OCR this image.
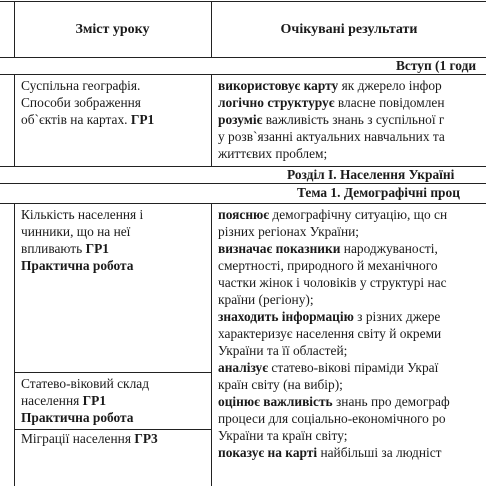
Зміст уроку	Очікувані результати
Вступ (1 годи
Розділ І. Населення Україні
Тема 1. Демографічні проц
Суспільна географія.
Способи зображення
об`єктів на картах. ГР1
використовує карту як джерело інфор
логічно структурує власне повідомлен
розуміє важливість знань з суспільної г
у розв`язанні актуальних навчальних та
життєвих проблем;
Кількість населення і
чинники, що на неї
впливають ГР1
Практична робота
пояснює демографічну ситуацію, що сн
різних регіонах України;
визначає показники народжуваності,
смертності, природного й механічного
частки жінок і чоловіків у структурі нас
країни (регіону);
знаходить інформацію з різних джере
характеризує населення світу й окреми
України та її областей;
аналізує статево-вікові піраміди Украї
країн світу (на вибір);
оцінює важливість знань про демограф
процеси для соціально-економічного ро
України та країн світу;
показує на карті найбільші за людніст
Статево-віковий склад
населення ГР1
Практична робота
Міграції населення ГР3
